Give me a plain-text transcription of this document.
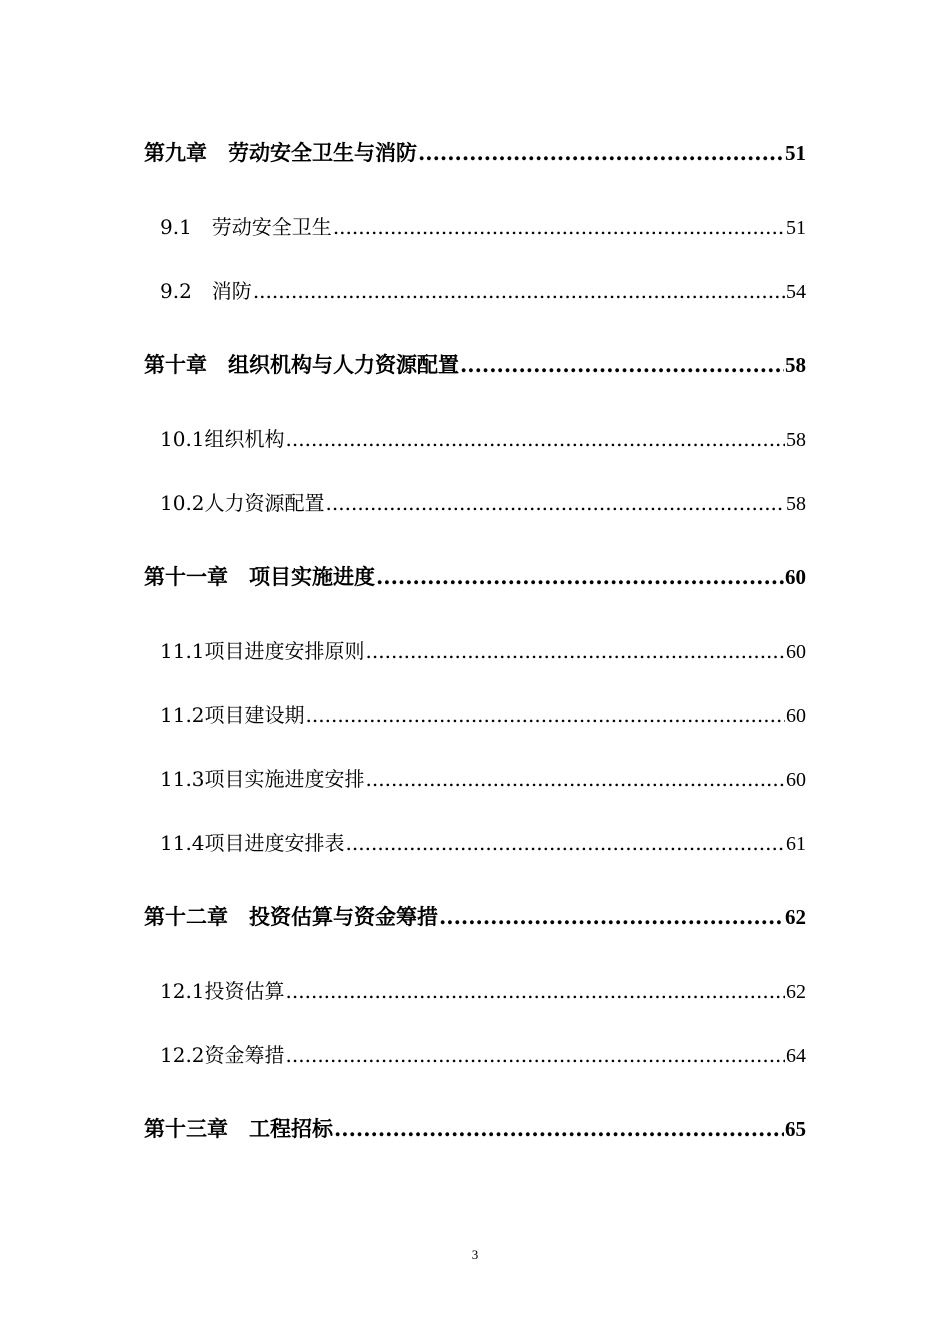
第九章　劳动安全卫生与消防 .....	51
9.1　劳动安全卫生 .....	51
9.2　消防 .....	54
第十章　组织机构与人力资源配置 .....	58
10.1组织机构 .....	58
10.2人力资源配置 .....	58
第十一章　项目实施进度 .....	60
11.1项目进度安排原则 .....	60
11.2项目建设期 .....	60
11.3项目实施进度安排 .....	60
11.4项目进度安排表 .....	61
第十二章　投资估算与资金筹措 .....	62
12.1投资估算 .....	62
12.2资金筹措 .....	64
第十三章　工程招标 .....	65
3
